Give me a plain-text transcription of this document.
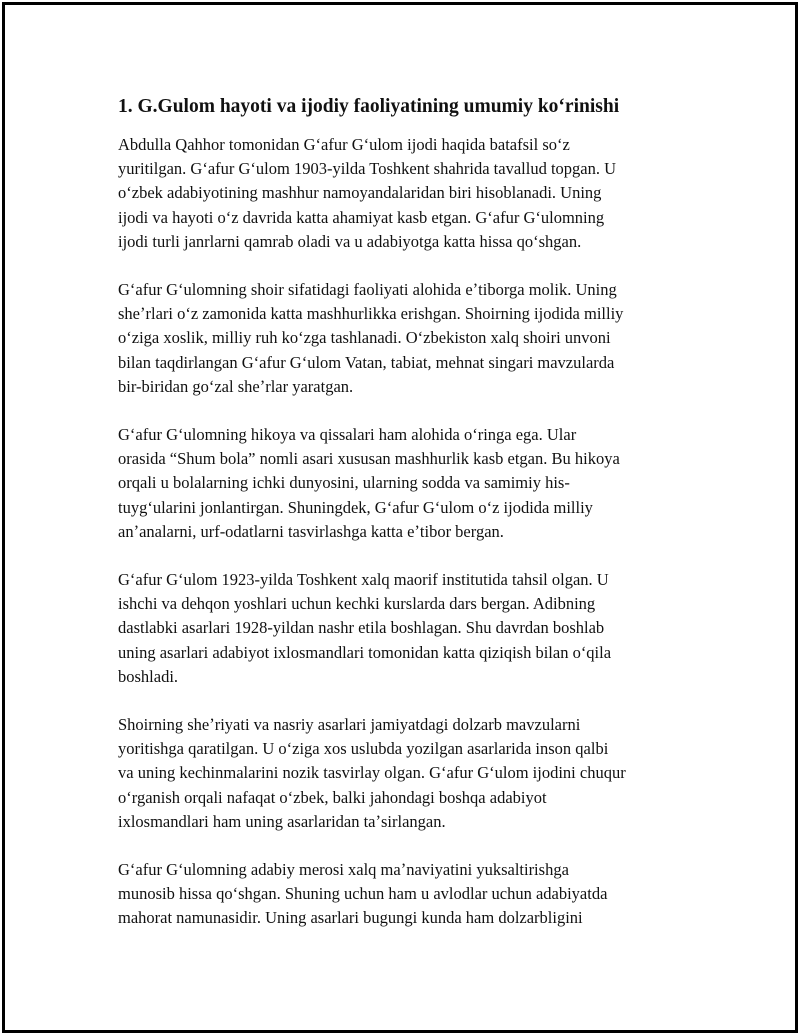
1. G.Gulom hayoti va ijodiy faoliyatining umumiy koʻrinishi
Abdulla Qahhor tomonidan Gʻafur Gʻulom ijodi haqida batafsil soʻz
yuritilgan. Gʻafur Gʻulom 1903-yilda Toshkent shahrida tavallud topgan. U
oʻzbek adabiyotining mashhur namoyandalaridan biri hisoblanadi. Uning
ijodi va hayoti oʻz davrida katta ahamiyat kasb etgan. Gʻafur Gʻulomning
ijodi turli janrlarni qamrab oladi va u adabiyotga katta hissa qoʻshgan.
Gʻafur Gʻulomning shoir sifatidagi faoliyati alohida eʼtiborga molik. Uning
sheʼrlari oʻz zamonida katta mashhurlikka erishgan. Shoirning ijodida milliy
oʻziga xoslik, milliy ruh koʻzga tashlanadi. Oʻzbekiston xalq shoiri unvoni
bilan taqdirlangan Gʻafur Gʻulom Vatan, tabiat, mehnat singari mavzularda
bir-biridan goʻzal sheʼrlar yaratgan.
Gʻafur Gʻulomning hikoya va qissalari ham alohida oʻringa ega. Ular
orasida “Shum bola” nomli asari xususan mashhurlik kasb etgan. Bu hikoya
orqali u bolalarning ichki dunyosini, ularning sodda va samimiy his-
tuygʻularini jonlantirgan. Shuningdek, Gʻafur Gʻulom oʻz ijodida milliy
anʼanalarni, urf-odatlarni tasvirlashga katta eʼtibor bergan.
Gʻafur Gʻulom 1923-yilda Toshkent xalq maorif institutida tahsil olgan. U
ishchi va dehqon yoshlari uchun kechki kurslarda dars bergan. Adibning
dastlabki asarlari 1928-yildan nashr etila boshlagan. Shu davrdan boshlab
uning asarlari adabiyot ixlosmandlari tomonidan katta qiziqish bilan oʻqila
boshladi.
Shoirning sheʼriyati va nasriy asarlari jamiyatdagi dolzarb mavzularni
yoritishga qaratilgan. U oʻziga xos uslubda yozilgan asarlarida inson qalbi
va uning kechinmalarini nozik tasvirlay olgan. Gʻafur Gʻulom ijodini chuqur
oʻrganish orqali nafaqat oʻzbek, balki jahondagi boshqa adabiyot
ixlosmandlari ham uning asarlaridan taʼsirlangan.
Gʻafur Gʻulomning adabiy merosi xalq maʼnaviyatini yuksaltirishga
munosib hissa qoʻshgan. Shuning uchun ham u avlodlar uchun adabiyatda
mahorat namunasidir. Uning asarlari bugungi kunda ham dolzarbligini
